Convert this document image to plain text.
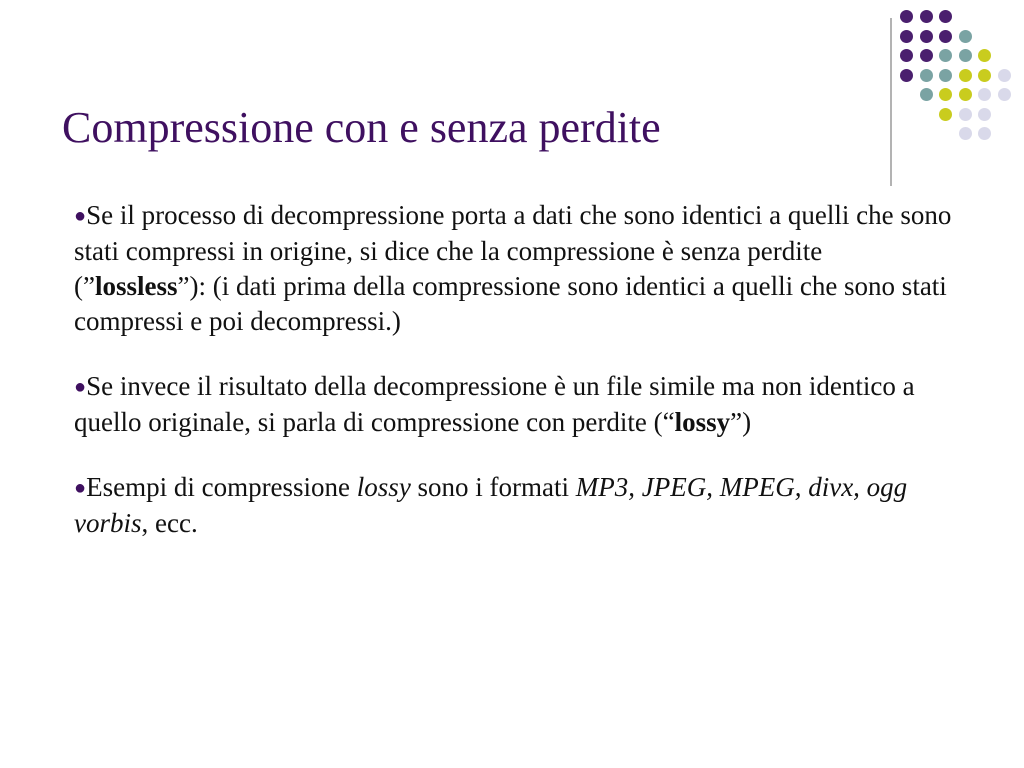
Compressione con e senza perdite

●Se il processo di decompressione porta a dati che sono identici a quelli che sono stati compressi in origine, si dice che la compressione è senza perdite (”lossless”): (i dati prima della compressione sono identici a quelli che sono stati compressi e poi decompressi.)

●Se invece il risultato della decompressione è un file simile ma non identico a quello originale, si parla di compressione con perdite (“lossy”)

●Esempi di compressione lossy sono i formati MP3, JPEG, MPEG, divx, ogg vorbis, ecc.
